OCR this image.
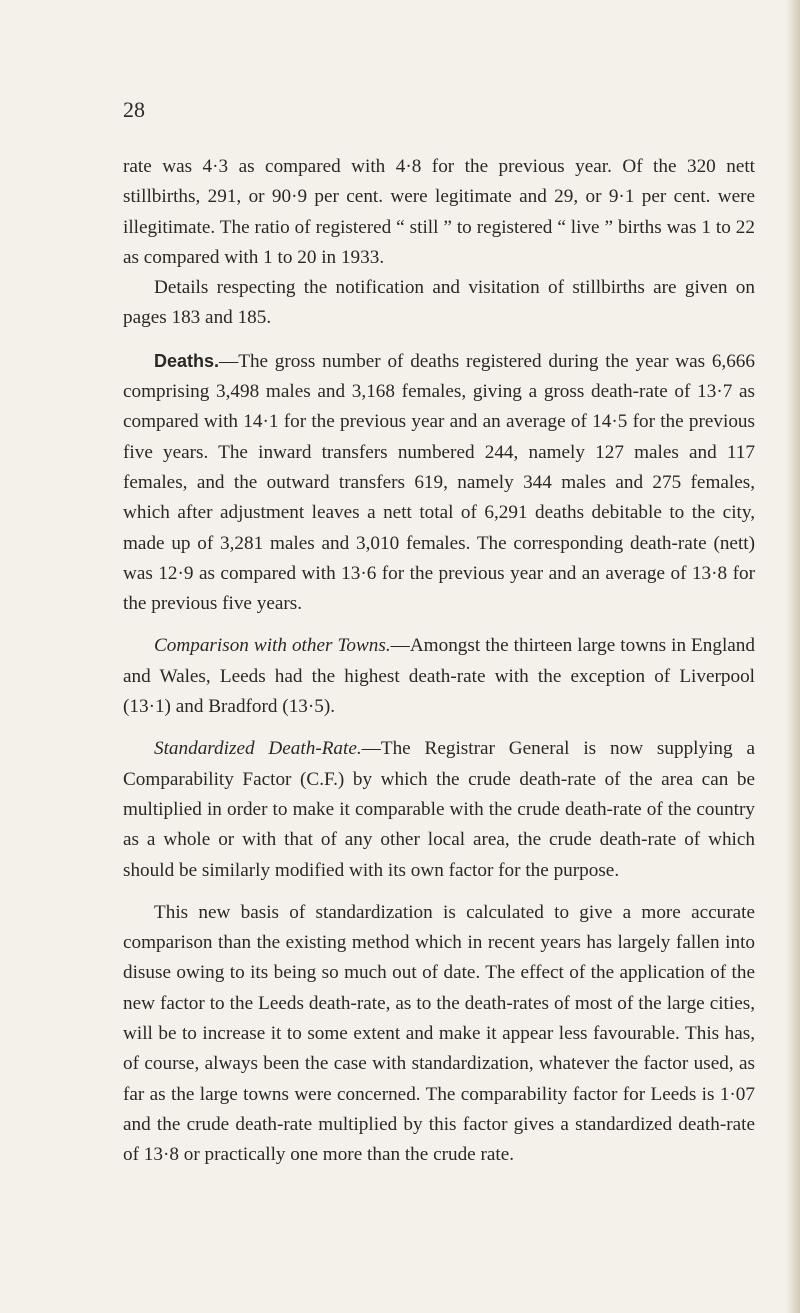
28

rate was 4·3 as compared with 4·8 for the previous year. Of the 320 nett stillbirths, 291, or 90·9 per cent. were legitimate and 29, or 9·1 per cent. were illegitimate. The ratio of registered “ still ” to registered “ live ” births was 1 to 22 as compared with 1 to 20 in 1933.

Details respecting the notification and visitation of stillbirths are given on pages 183 and 185.

Deaths.—The gross number of deaths registered during the year was 6,666 comprising 3,498 males and 3,168 females, giving a gross death-rate of 13·7 as compared with 14·1 for the previous year and an average of 14·5 for the previous five years. The inward transfers numbered 244, namely 127 males and 117 females, and the outward transfers 619, namely 344 males and 275 females, which after adjustment leaves a nett total of 6,291 deaths debitable to the city, made up of 3,281 males and 3,010 females. The corresponding death-rate (nett) was 12·9 as compared with 13·6 for the previous year and an average of 13·8 for the previous five years.

Comparison with other Towns.—Amongst the thirteen large towns in England and Wales, Leeds had the highest death-rate with the exception of Liverpool (13·1) and Bradford (13·5).

Standardized Death-Rate.—The Registrar General is now supplying a Comparability Factor (C.F.) by which the crude death-rate of the area can be multiplied in order to make it comparable with the crude death-rate of the country as a whole or with that of any other local area, the crude death-rate of which should be similarly modified with its own factor for the purpose.

This new basis of standardization is calculated to give a more accurate comparison than the existing method which in recent years has largely fallen into disuse owing to its being so much out of date. The effect of the application of the new factor to the Leeds death-rate, as to the death-rates of most of the large cities, will be to increase it to some extent and make it appear less favourable. This has, of course, always been the case with standardization, whatever the factor used, as far as the large towns were concerned. The comparability factor for Leeds is 1·07 and the crude death-rate multiplied by this factor gives a standardized death-rate of 13·8 or practically one more than the crude rate.
